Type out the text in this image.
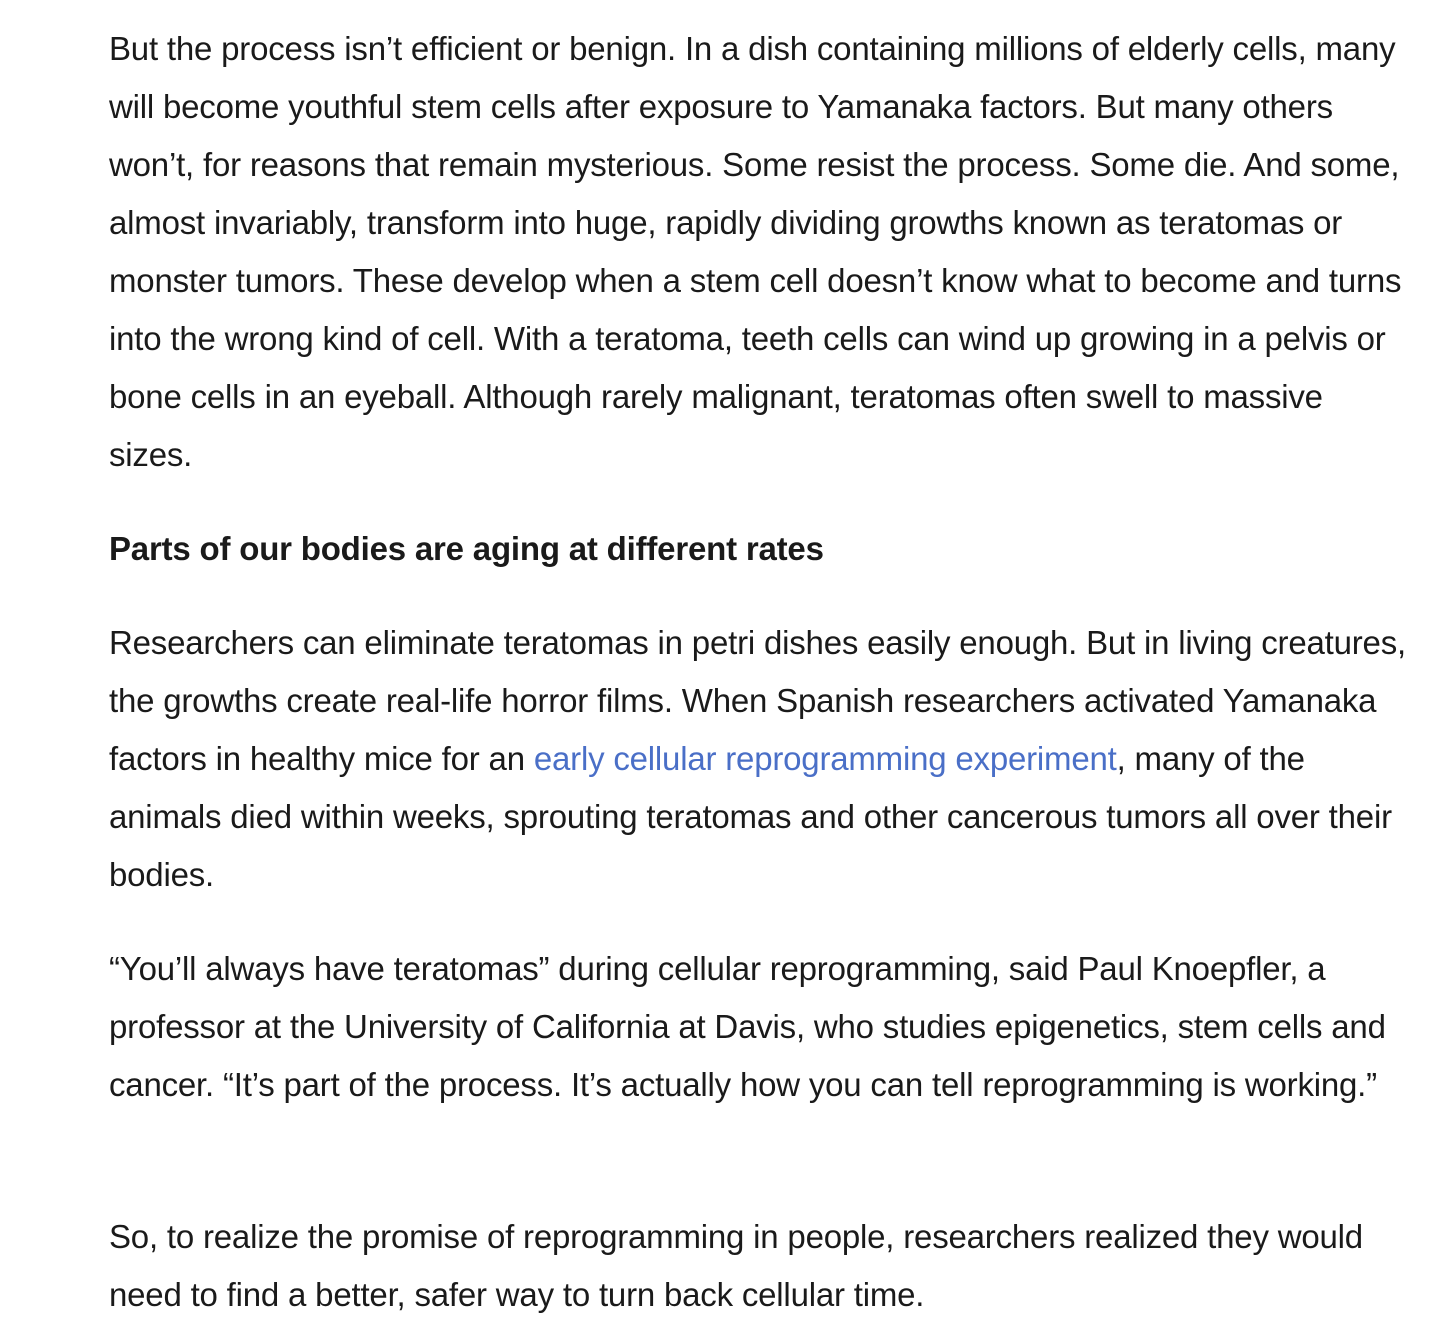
But the process isn’t efficient or benign. In a dish containing millions of elderly cells, many will become youthful stem cells after exposure to Yamanaka factors. But many others won’t, for reasons that remain mysterious. Some resist the process. Some die. And some, almost invariably, transform into huge, rapidly dividing growths known as teratomas or monster tumors. These develop when a stem cell doesn’t know what to become and turns into the wrong kind of cell. With a teratoma, teeth cells can wind up growing in a pelvis or bone cells in an eyeball. Although rarely malignant, teratomas often swell to massive sizes.

Parts of our bodies are aging at different rates

Researchers can eliminate teratomas in petri dishes easily enough. But in living creatures, the growths create real-life horror films. When Spanish researchers activated Yamanaka factors in healthy mice for an early cellular reprogramming experiment, many of the animals died within weeks, sprouting teratomas and other cancerous tumors all over their bodies.

“You’ll always have teratomas” during cellular reprogramming, said Paul Knoepfler, a professor at the University of California at Davis, who studies epigenetics, stem cells and cancer. “It’s part of the process. It’s actually how you can tell reprogramming is working.”

So, to realize the promise of reprogramming in people, researchers realized they would need to find a better, safer way to turn back cellular time.
